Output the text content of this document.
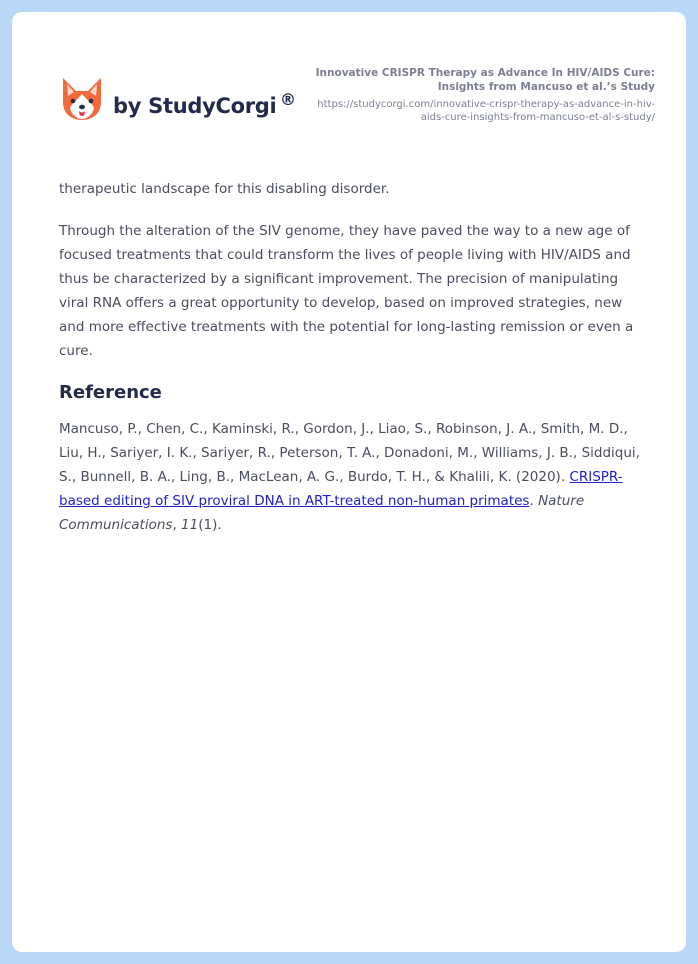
by StudyCorgi ®
Innovative CRISPR Therapy as Advance In HIV/AIDS Cure: Insights from Mancuso et al.’s Study
https://studycorgi.com/innovative-crispr-therapy-as-advance-in-hiv-aids-cure-insights-from-mancuso-et-al-s-study/

therapeutic landscape for this disabling disorder.

Through the alteration of the SIV genome, they have paved the way to a new age of focused treatments that could transform the lives of people living with HIV/AIDS and thus be characterized by a significant improvement. The precision of manipulating viral RNA offers a great opportunity to develop, based on improved strategies, new and more effective treatments with the potential for long-lasting remission or even a cure.

Reference

Mancuso, P., Chen, C., Kaminski, R., Gordon, J., Liao, S., Robinson, J. A., Smith, M. D., Liu, H., Sariyer, I. K., Sariyer, R., Peterson, T. A., Donadoni, M., Williams, J. B., Siddiqui, S., Bunnell, B. A., Ling, B., MacLean, A. G., Burdo, T. H., & Khalili, K. (2020). CRISPR-based editing of SIV proviral DNA in ART-treated non-human primates. Nature Communications, 11(1).
